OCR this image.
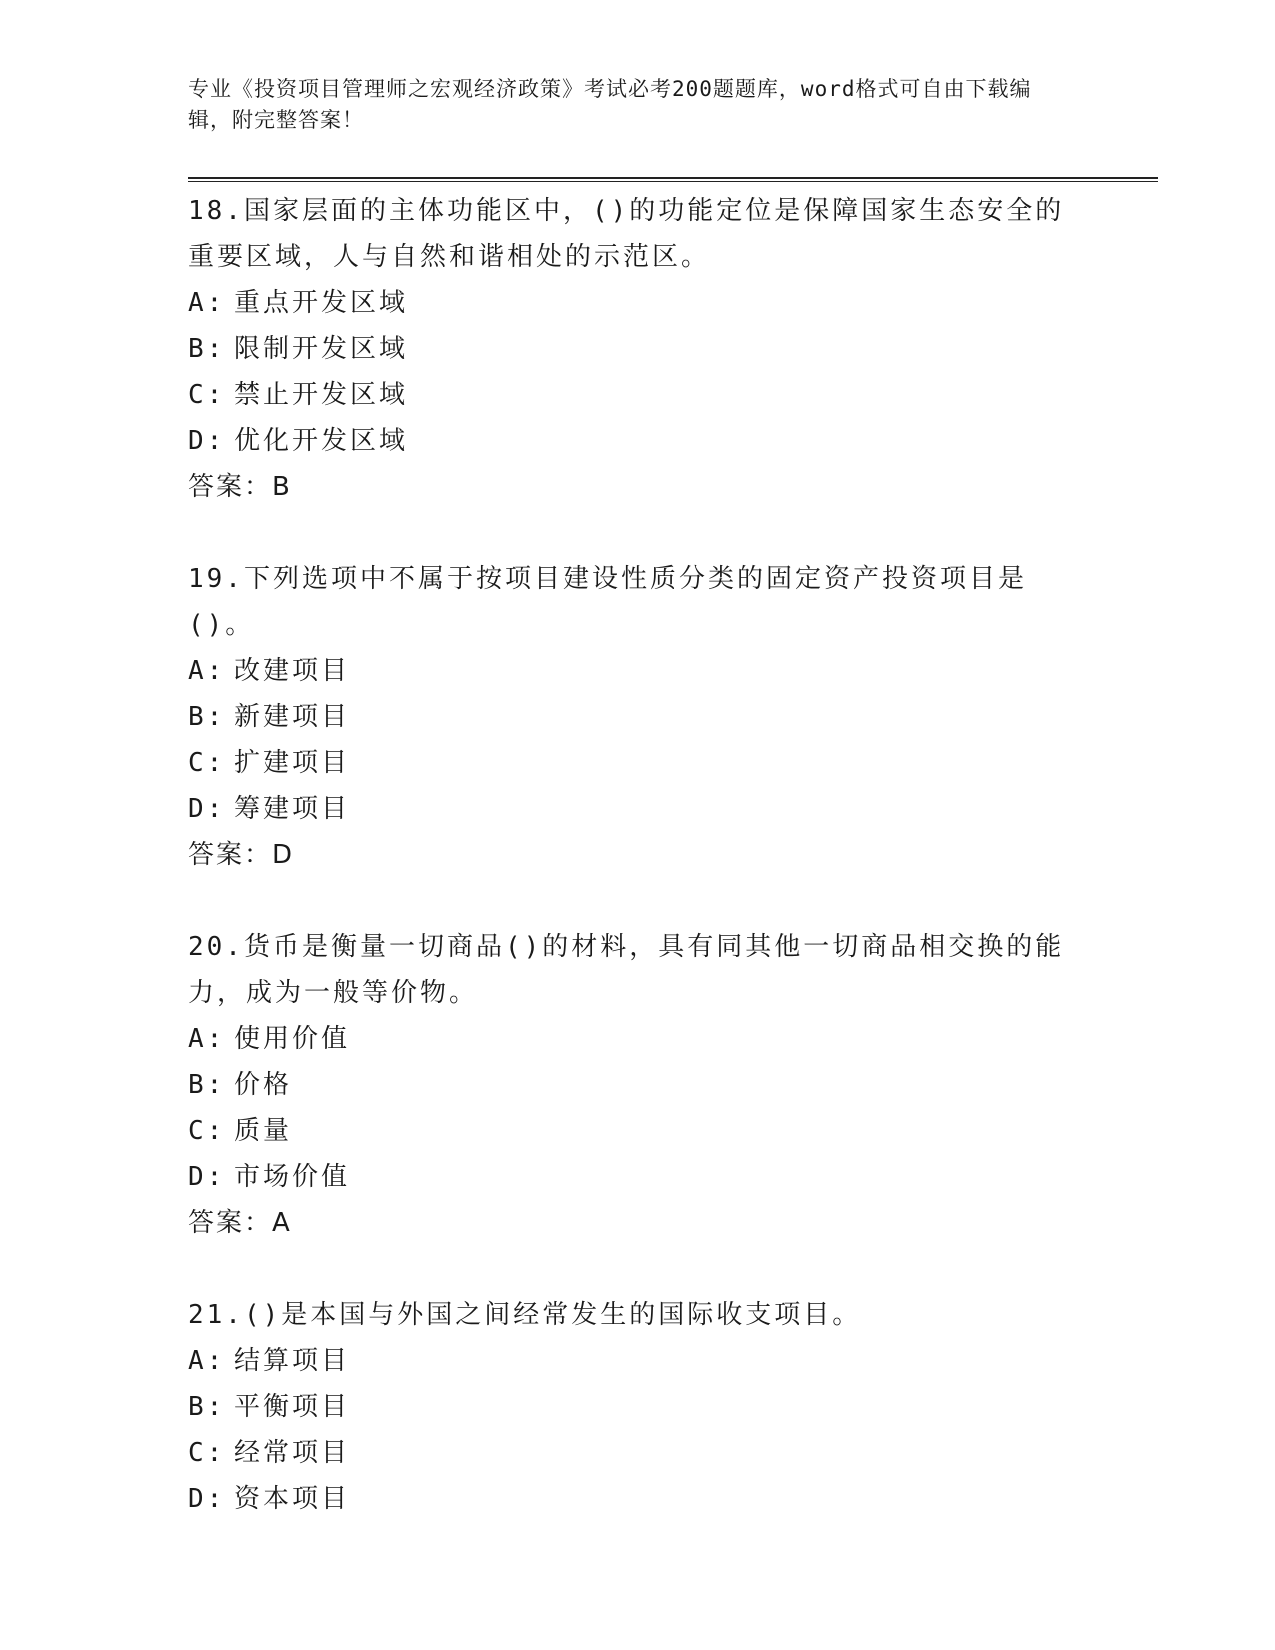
专业《投资项目管理师之宏观经济政策》考试必考200题题库，word格式可自由下载编辑，附完整答案！
18.国家层面的主体功能区中，()的功能定位是保障国家生态安全的重要区域，人与自然和谐相处的示范区。
A: 重点开发区域
B: 限制开发区域
C: 禁止开发区域
D: 优化开发区域
答案：B
19.下列选项中不属于按项目建设性质分类的固定资产投资项目是()。
A: 改建项目
B: 新建项目
C: 扩建项目
D: 筹建项目
答案：D
20.货币是衡量一切商品()的材料，具有同其他一切商品相交换的能力，成为一般等价物。
A: 使用价值
B: 价格
C: 质量
D: 市场价值
答案：A
21.()是本国与外国之间经常发生的国际收支项目。
A: 结算项目
B: 平衡项目
C: 经常项目
D: 资本项目
